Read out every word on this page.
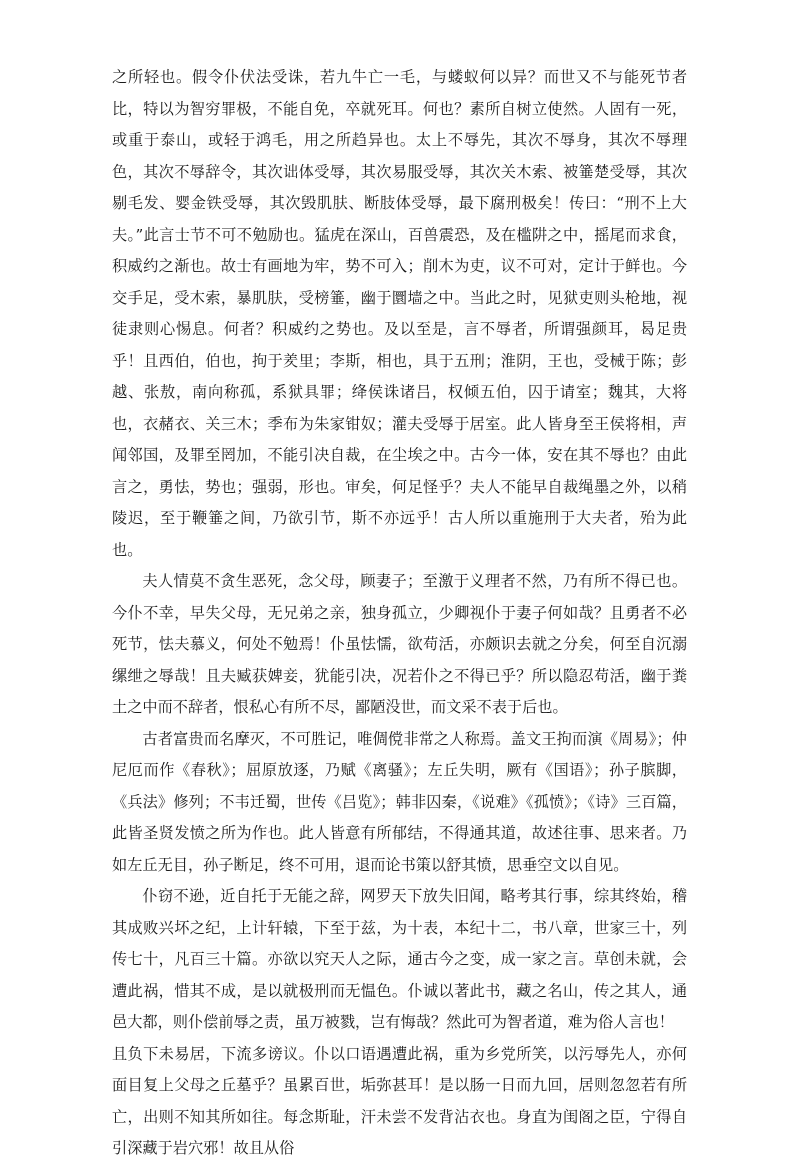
之所轻也。假令仆伏法受诛，若九牛亡一毛，与蝼蚁何以异？而世又不与能死节者比，特以为智穷罪极，不能自免，卒就死耳。何也？素所自树立使然。人固有一死，或重于泰山，或轻于鸿毛，用之所趋异也。太上不辱先，其次不辱身，其次不辱理色，其次不辱辞令，其次诎体受辱，其次易服受辱，其次关木索、被箠楚受辱，其次剔毛发、婴金铁受辱，其次毁肌肤、断肢体受辱，最下腐刑极矣！传曰：“刑不上大夫。”此言士节不可不勉励也。猛虎在深山，百兽震恐，及在槛阱之中，摇尾而求食，积威约之渐也。故士有画地为牢，势不可入；削木为吏，议不可对，定计于鲜也。今交手足，受木索，暴肌肤，受榜箠，幽于圜墙之中。当此之时，见狱吏则头枪地，视徒隶则心惕息。何者？积威约之势也。及以至是，言不辱者，所谓强颜耳，曷足贵乎！且西伯，伯也，拘于羑里；李斯，相也，具于五刑；淮阴，王也，受械于陈；彭越、张敖，南向称孤，系狱具罪；绛侯诛诸吕，权倾五伯，囚于请室；魏其，大将也，衣赭衣、关三木；季布为朱家钳奴；灌夫受辱于居室。此人皆身至王侯将相，声闻邻国，及罪至罔加，不能引决自裁，在尘埃之中。古今一体，安在其不辱也？由此言之，勇怯，势也；强弱，形也。审矣，何足怪乎？夫人不能早自裁绳墨之外，以稍陵迟，至于鞭箠之间，乃欲引节，斯不亦远乎！古人所以重施刑于大夫者，殆为此也。

夫人情莫不贪生恶死，念父母，顾妻子；至激于义理者不然，乃有所不得已也。今仆不幸，早失父母，无兄弟之亲，独身孤立，少卿视仆于妻子何如哉？且勇者不必死节，怯夫慕义，何处不勉焉！仆虽怯懦，欲苟活，亦颇识去就之分矣，何至自沉溺缧绁之辱哉！且夫臧获婢妾，犹能引决，况若仆之不得已乎？所以隐忍苟活，幽于粪土之中而不辞者，恨私心有所不尽，鄙陋没世，而文采不表于后也。

古者富贵而名摩灭，不可胜记，唯倜傥非常之人称焉。盖文王拘而演《周易》；仲尼厄而作《春秋》；屈原放逐，乃赋《离骚》；左丘失明，厥有《国语》；孙子膑脚，《兵法》修列；不韦迁蜀，世传《吕览》；韩非囚秦，《说难》《孤愤》；《诗》三百篇，此皆圣贤发愤之所为作也。此人皆意有所郁结，不得通其道，故述往事、思来者。乃如左丘无目，孙子断足，终不可用，退而论书策以舒其愤，思垂空文以自见。

仆窃不逊，近自托于无能之辞，网罗天下放失旧闻，略考其行事，综其终始，稽其成败兴坏之纪，上计轩辕，下至于兹，为十表，本纪十二，书八章，世家三十，列传七十，凡百三十篇。亦欲以究天人之际，通古今之变，成一家之言。草创未就，会遭此祸，惜其不成，是以就极刑而无愠色。仆诚以著此书，藏之名山，传之其人，通邑大都，则仆偿前辱之责，虽万被戮，岂有悔哉？然此可为智者道，难为俗人言也！

且负下未易居，下流多谤议。仆以口语遇遭此祸，重为乡党所笑，以污辱先人，亦何面目复上父母之丘墓乎？虽累百世，垢弥甚耳！是以肠一日而九回，居则忽忽若有所亡，出则不知其所如往。每念斯耻，汗未尝不发背沾衣也。身直为闺阁之臣，宁得自引深藏于岩穴邪！故且从俗
